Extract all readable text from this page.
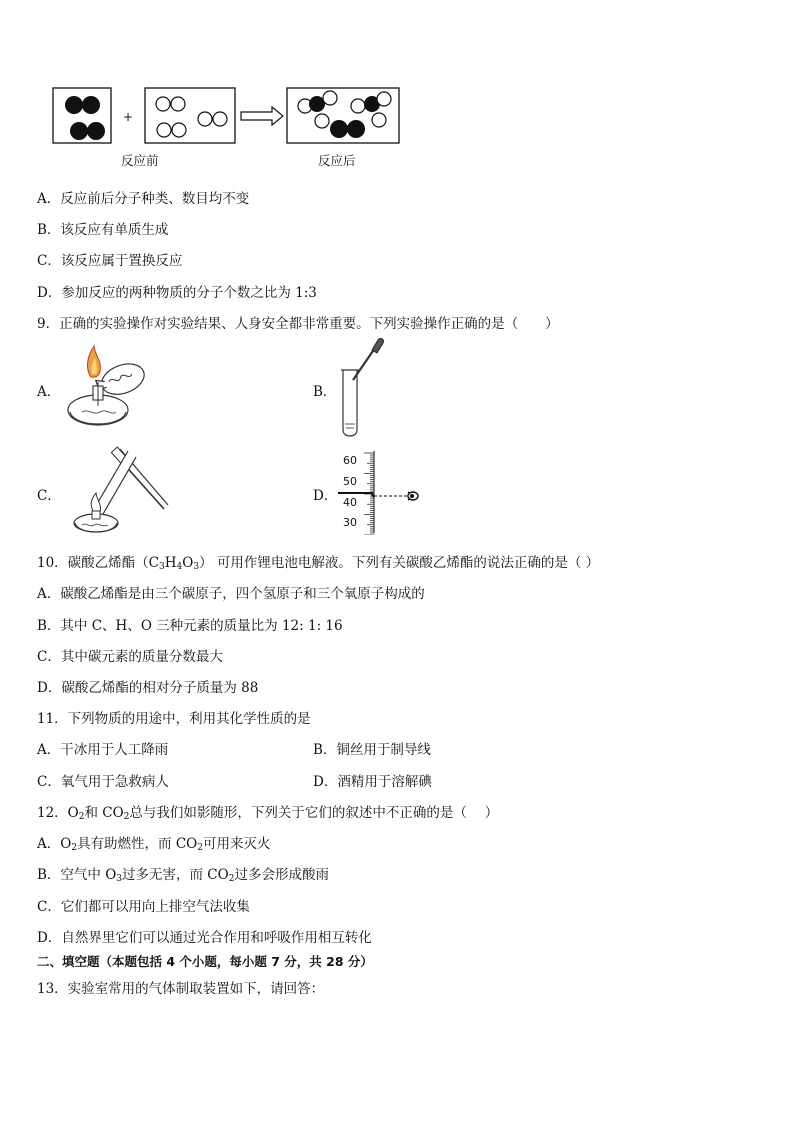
+
反应前	反应后
A．反应前后分子种类、数目均不变
B．该反应有单质生成
C．该反应属于置换反应
D．参加反应的两种物质的分子个数之比为 1:3
9．正确的实验操作对实验结果、人身安全都非常重要。下列实验操作正确的是（　　）
A．	B．
C．	D．
60
50
40
30
10．碳酸乙烯酯$(C_3H_4O_3)$ 可用作锂电池电解液。下列有关碳酸乙烯酯的说法正确的是（ ）
A．碳酸乙烯酯是由三个碳原子，四个氢原子和三个氧原子构成的
B．其中 C、H、O 三种元素的质量比为 12: 1: 16
C．其中碳元素的质量分数最大
D．碳酸乙烯酯的相对分子质量为 88
11．下列物质的用途中，利用其化学性质的是
A．干冰用于人工降雨	B．铜丝用于制导线
C．氧气用于急救病人	D．酒精用于溶解碘
12．$O_2$和 $CO_2$总与我们如影随形，下列关于它们的叙述中不正确的是（　 ）
A．$O_2$具有助燃性，而 $CO_2$可用来灭火
B．空气中 $O_3$过多无害，而 $CO_2$过多会形成酸雨
C．它们都可以用向上排空气法收集
D．自然界里它们可以通过光合作用和呼吸作用相互转化
二、填空题（本题包括 4 个小题，每小题 7 分，共 28 分）
13．实验室常用的气体制取装置如下，请回答：
